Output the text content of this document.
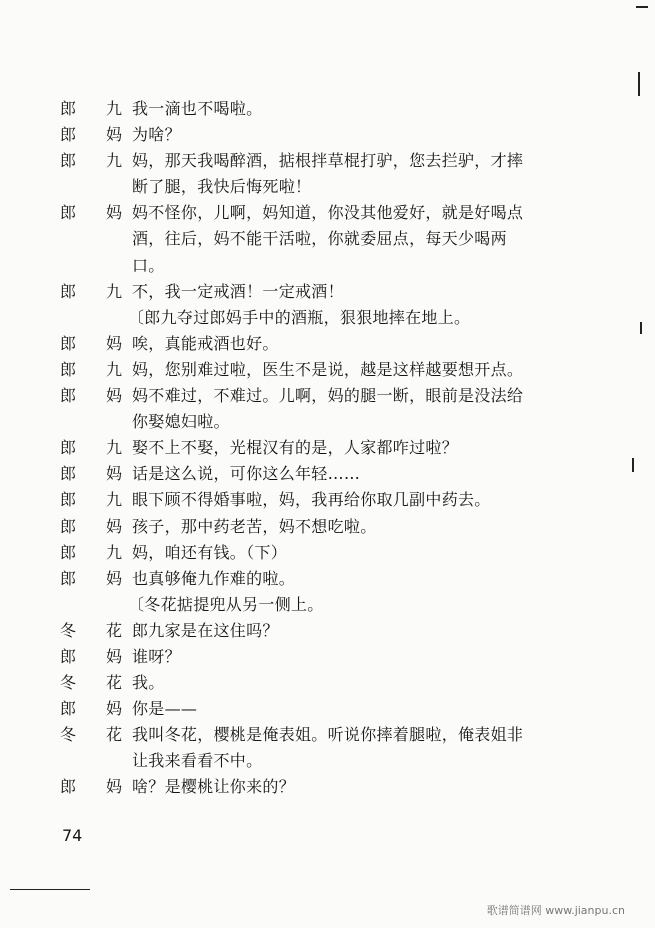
郎 九 我一滴也不喝啦。
郎 妈 为啥？
郎 九 妈，那天我喝醉酒，掂根拌草棍打驴，您去拦驴，才摔
断了腿，我快后悔死啦！
郎 妈 妈不怪你，儿啊，妈知道，你没其他爱好，就是好喝点
酒，往后，妈不能干活啦，你就委屈点，每天少喝两
口。
郎 九 不，我一定戒酒！一定戒酒！
〔郎九夺过郎妈手中的酒瓶，狠狠地摔在地上。
郎 妈 唉，真能戒酒也好。
郎 九 妈，您别难过啦，医生不是说，越是这样越要想开点。
郎 妈 妈不难过，不难过。儿啊，妈的腿一断，眼前是没法给
你娶媳妇啦。
郎 九 娶不上不娶，光棍汉有的是，人家都咋过啦？
郎 妈 话是这么说，可你这么年轻……
郎 九 眼下顾不得婚事啦，妈，我再给你取几副中药去。
郎 妈 孩子，那中药老苦，妈不想吃啦。
郎 九 妈，咱还有钱。（下）
郎 妈 也真够俺九作难的啦。
〔冬花掂提兜从另一侧上。
冬 花 郎九家是在这住吗？
郎 妈 谁呀？
冬 花 我。
郎 妈 你是——
冬 花 我叫冬花，樱桃是俺表姐。听说你摔着腿啦，俺表姐非
让我来看看不中。
郎 妈 啥？是樱桃让你来的？
74
歌谱简谱网 www.jianpu.cn
